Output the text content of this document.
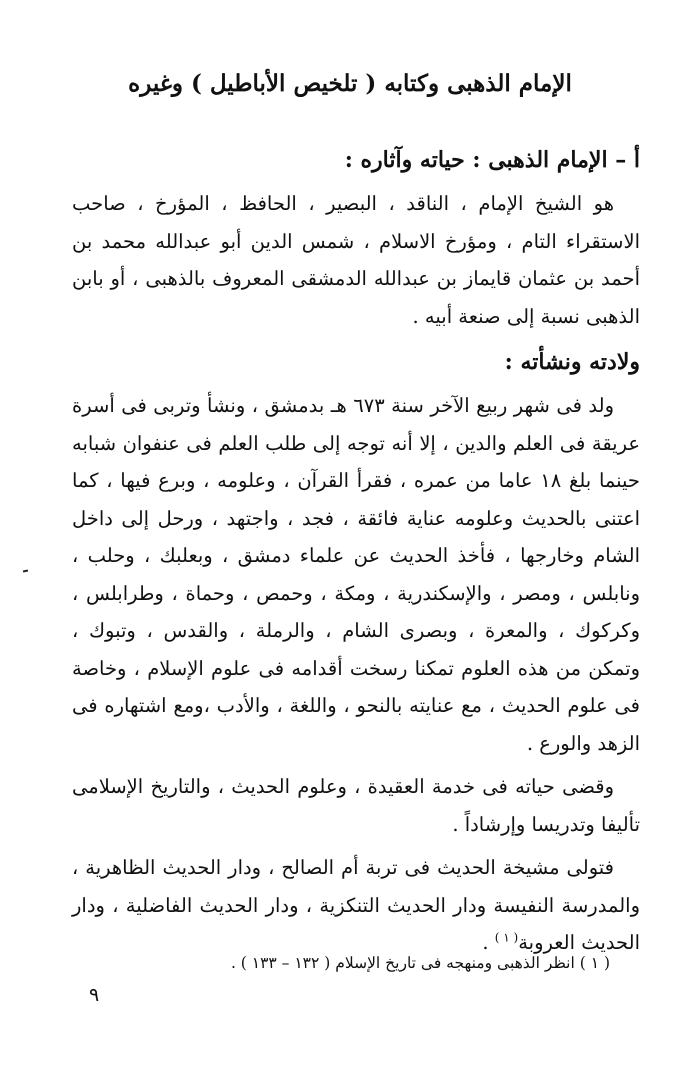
الإمام الذهبى وكتابه ( تلخيص الأباطيل ) وغيره

أ – الإمام الذهبى : حياته وآثاره :

هو الشيخ الإمام ، الناقد ، البصير ، الحافظ ، المؤرخ ، صاحب الاستقراء التام ، ومؤرخ الاسلام ، شمس الدين أبو عبدالله محمد بن أحمد بن عثمان قايماز بن عبدالله الدمشقى المعروف بالذهبى ، أو بابن الذهبى نسبة إلى صنعة أبيه .

ولادته ونشأته :

ولد فى شهر ربيع الآخر سنة ٦٧٣ هـ بدمشق ، ونشأ وتربى فى أسرة عريقة فى العلم والدين ، إلا أنه توجه إلى طلب العلم فى عنفوان شبابه حينما بلغ ١٨ عاما من عمره ، فقرأ القرآن ، وعلومه ، وبرع فيها ، كما اعتنى بالحديث وعلومه عناية فائقة ، فجد ، واجتهد ، ورحل إلى داخل الشام وخارجها ، فأخذ الحديث عن علماء دمشق ، وبعلبك ، وحلب ، ونابلس ، ومصر ، والإسكندرية ، ومكة ، وحمص ، وحماة ، وطرابلس ، وكركوك ، والمعرة ، وبصرى الشام ، والرملة ، والقدس ، وتبوك ، وتمكن من هذه العلوم تمكنا رسخت أقدامه فى علوم الإسلام ، وخاصة فى علوم الحديث ، مع عنايته بالنحو ، واللغة ، والأدب ،ومع اشتهاره فى الزهد والورع .

وقضى حياته فى خدمة العقيدة ، وعلوم الحديث ، والتاريخ الإسلامى تأليفا وتدريسا وإرشاداً .

فتولى مشيخة الحديث فى تربة أم الصالح ، ودار الحديث الظاهرية ، والمدرسة النفيسة ودار الحديث التنكزية ، ودار الحديث الفاضلية ، ودار الحديث العروبة$^{( ١ )}$ .

( ١ ) انظر الذهبى ومنهجه فى تاريخ الإسلام ( ١٣٢ – ١٣٣ ) .
٩
